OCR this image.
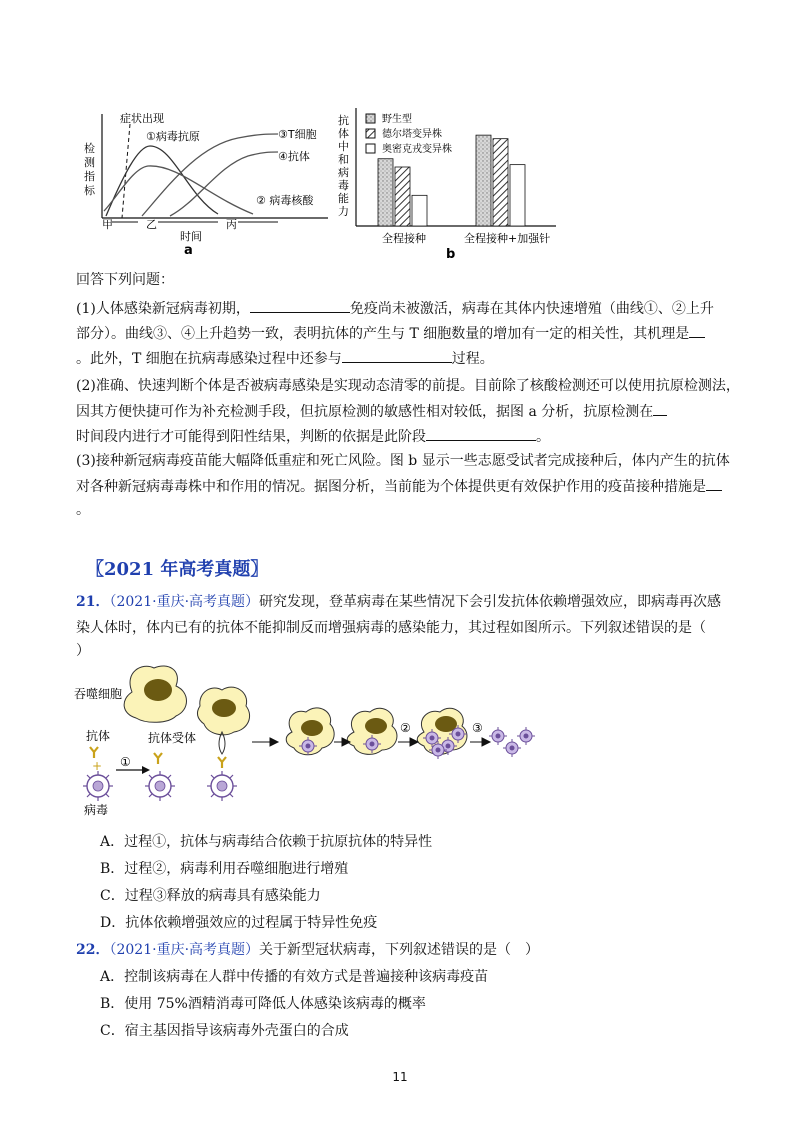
检
测
指
标
症状出现
①病毒抗原	③T细胞
④抗体
② 病毒核酸
甲	乙	丙
时间
a
抗
体
中
和
病
毒
能
力
野生型
德尔塔变异株
奥密克戎变异株
全程接种	全程接种+加强针
b
回答下列问题：
(1)人体感染新冠病毒初期，	免疫尚未被激活，病毒在其体内快速增殖（曲线①、②上升
部分）。曲线③、④上升趋势一致，表明抗体的产生与 T 细胞数量的增加有一定的相关性，其机理是
。此外，T 细胞在抗病毒感染过程中还参与	过程。
(2)准确、快速判断个体是否被病毒感染是实现动态清零的前提。目前除了核酸检测还可以使用抗原检测法，
因其方便快捷可作为补充检测手段，但抗原检测的敏感性相对较低，据图 a 分析，抗原检测在
时间段内进行才可能得到阳性结果，判断的依据是此阶段	。
(3)接种新冠病毒疫苗能大幅降低重症和死亡风险。图 b 显示一些志愿受试者完成接种后，体内产生的抗体
对各种新冠病毒毒株中和作用的情况。据图分析，当前能为个体提供更有效保护作用的疫苗接种措施是
。
〖2021 年高考真题〗
21．（2021·重庆·高考真题）研究发现，登革病毒在某些情况下会引发抗体依赖增强效应，即病毒再次感
染人体时，体内已有的抗体不能抑制反而增强病毒的感染能力，其过程如图所示。下列叙述错误的是（
）
吞噬细胞
抗体
+
病毒
①
抗体受体
②	③
A．过程①，抗体与病毒结合依赖于抗原抗体的特异性
B．过程②，病毒利用吞噬细胞进行增殖
C．过程③释放的病毒具有感染能力
D．抗体依赖增强效应的过程属于特异性免疫
22．（2021·重庆·高考真题）关于新型冠状病毒，下列叙述错误的是（　）
A．控制该病毒在人群中传播的有效方式是普遍接种该病毒疫苗
B．使用 75%酒精消毒可降低人体感染该病毒的概率
C．宿主基因指导该病毒外壳蛋白的合成
11
